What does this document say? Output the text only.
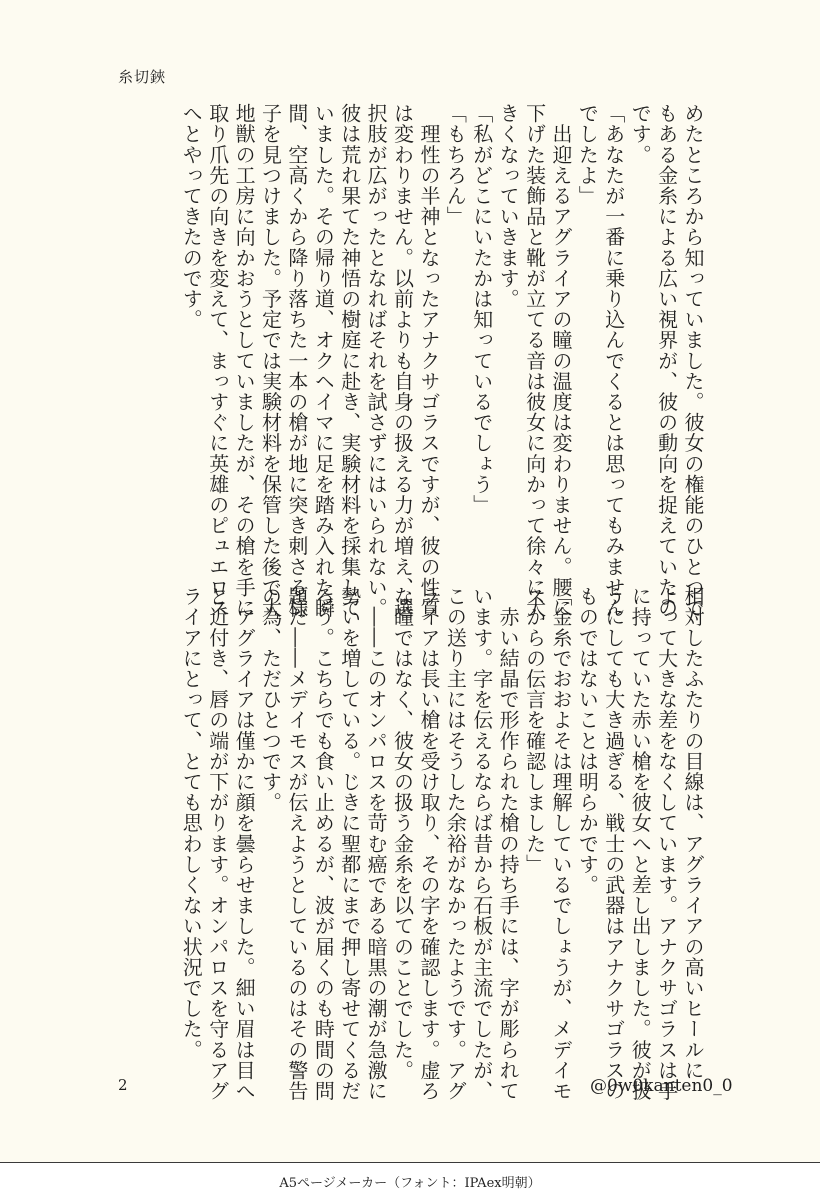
糸切鋏
めたところから知っていました。彼女の権能のひとつで
もある金糸による広い視界が、彼の動向を捉えていたの
です。
「あなたが一番に乗り込んでくるとは思ってもみません
でしたよ」
　出迎えるアグライアの瞳の温度は変わりません。腰に
下げた装飾品と靴が立てる音は彼女に向かって徐々に大
きくなっていきます。
「私がどこにいたかは知っているでしょう」
「もちろん」
　理性の半神となったアナクサゴラスですが、彼の性質
は変わりません。以前よりも自身の扱える力が増え、選
択肢が広がったとなればそれを試さずにはいられない。
彼は荒れ果てた神悟の樹庭に赴き、実験材料を採集して
いました。その帰り道、オクヘイマに足を踏み入れた瞬
間、空高くから降り落ちた一本の槍が地に突き刺さる様
子を見つけました。予定では実験材料を保管した後で大
地獣の工房に向かおうとしていましたが、その槍を手に
取り爪先の向きを変えて、まっすぐに英雄のピュエロス
へとやってきたのです。
相対したふたりの目線は、アグライアの高いヒールに
よって大きな差をなくしています。アナクサゴラスは手
に持っていた赤い槍を彼女へと差し出しました。彼が扱
うにしても大き過ぎる、戦士の武器はアナクサゴラスの
ものではないことは明らかです。
「金糸でおおよそは理解しているでしょうが、メデイモ
スからの伝言を確認しました」
　赤い結晶で形作られた槍の持ち手には、字が彫られて
います。字を伝えるならば昔から石板が主流でしたが、
この送り主にはそうした余裕がなかったようです。アグ
ライアは長い槍を受け取り、その字を確認します。虚ろ
な瞳ではなく、彼女の扱う金糸を以てのことでした。
　――このオンパロスを苛む癌である暗黒の潮が急激に
勢いを増している。じきに聖都にまで押し寄せてくるだ
ろう。こちらでも食い止めるが、波が届くのも時間の問
題だ――メデイモスが伝えようとしているのはその警告
の為、ただひとつです。
　アグライアは僅かに顔を曇らせました。細い眉は目へ
と近付き、唇の端が下がります。オンパロスを守るアグ
ライアにとって、とても思わしくない状況でした。
2	@0w0kanten0_0
A5ページメーカー（フォント：IPAex明朝）
